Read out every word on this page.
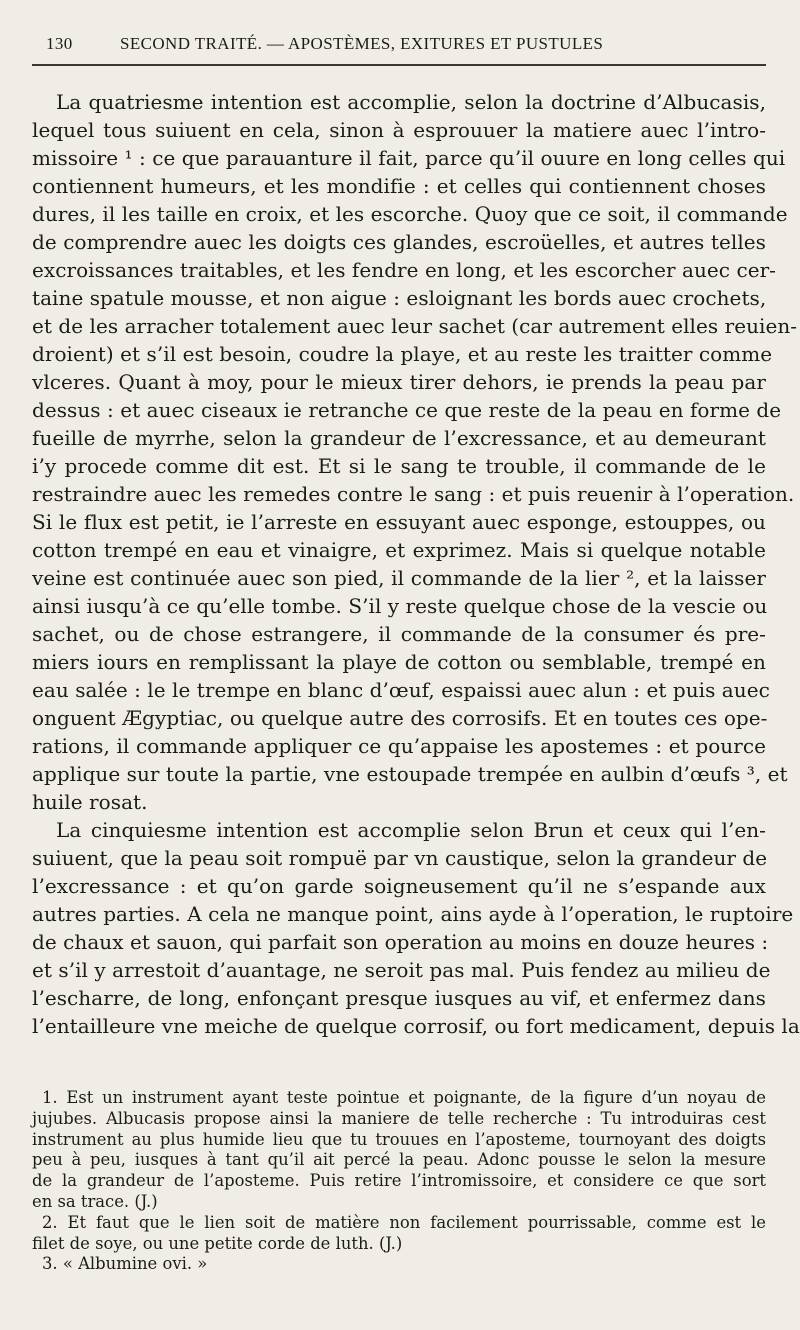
130	SECOND TRAITÉ. — APOSTÈMES, EXITURES ET PUSTULES
La quatriesme intention est accomplie, selon la doctrine d’Albucasis,
lequel tous suiuent en cela, sinon à esprouuer la matiere auec l’intro-
missoire ¹ : ce que parauanture il fait, parce qu’il ouure en long celles qui
contiennent humeurs, et les mondifie : et celles qui contiennent choses
dures, il les taille en croix, et les escorche. Quoy que ce soit, il commande
de comprendre auec les doigts ces glandes, escroüelles, et autres telles
excroissances traitables, et les fendre en long, et les escorcher auec cer-
taine spatule mousse, et non aigue : esloignant les bords auec crochets,
et de les arracher totalement auec leur sachet (car autrement elles reuien-
droient) et s’il est besoin, coudre la playe, et au reste les traitter comme
vlceres. Quant à moy, pour le mieux tirer dehors, ie prends la peau par
dessus : et auec ciseaux ie retranche ce que reste de la peau en forme de
fueille de myrrhe, selon la grandeur de l’excressance, et au demeurant
i’y procede comme dit est. Et si le sang te trouble, il commande de le
restraindre auec les remedes contre le sang : et puis reuenir à l’operation.
Si le flux est petit, ie l’arreste en essuyant auec esponge, estouppes, ou
cotton trempé en eau et vinaigre, et exprimez. Mais si quelque notable
veine est continuée auec son pied, il commande de la lier ², et la laisser
ainsi iusqu’à ce qu’elle tombe. S’il y reste quelque chose de la vescie ou
sachet, ou de chose estrangere, il commande de la consumer és pre-
miers iours en remplissant la playe de cotton ou semblable, trempé en
eau salée : le le trempe en blanc d’œuf, espaissi auec alun : et puis auec
onguent Ægyptiac, ou quelque autre des corrosifs. Et en toutes ces ope-
rations, il commande appliquer ce qu’appaise les apostemes : et pource
applique sur toute la partie, vne estoupade trempée en aulbin d’œufs ³, et
huile rosat.
La cinquiesme intention est accomplie selon Brun et ceux qui l’en-
suiuent, que la peau soit rompuë par vn caustique, selon la grandeur de
l’excressance : et qu’on garde soigneusement qu’il ne s’espande aux
autres parties. A cela ne manque point, ains ayde à l’operation, le ruptoire
de chaux et sauon, qui parfait son operation au moins en douze heures :
et s’il y arrestoit d’auantage, ne seroit pas mal. Puis fendez au milieu de
l’escharre, de long, enfonçant presque iusques au vif, et enfermez dans
l’entailleure vne meiche de quelque corrosif, ou fort medicament, depuis la
1. Est un instrument ayant teste pointue et poignante, de la figure d’un noyau de
jujubes. Albucasis propose ainsi la maniere de telle recherche : Tu introduiras cest
instrument au plus humide lieu que tu trouues en l’aposteme, tournoyant des doigts
peu à peu, iusques à tant qu’il ait percé la peau. Adonc pousse le selon la mesure
de la grandeur de l’aposteme. Puis retire l’intromissoire, et considere ce que sort
en sa trace. (J.)
2. Et faut que le lien soit de matière non facilement pourrissable, comme est le
filet de soye, ou une petite corde de luth. (J.)
3. « Albumine ovi. »
